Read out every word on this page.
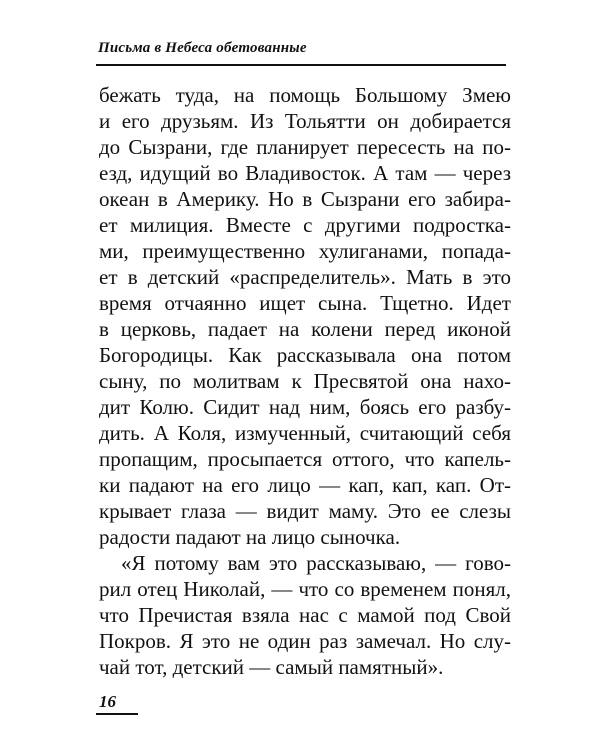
Письма в Небеса обетованные
бежать туда, на помощь Большому Змею
и его друзьям. Из Тольятти он добирается
до Сызрани, где планирует пересесть на по-
езд, идущий во Владивосток. А там — через
океан в Америку. Но в Сызрани его забира-
ет милиция. Вместе с другими подростка-
ми, преимущественно хулиганами, попада-
ет в детский «распределитель». Мать в это
время отчаянно ищет сына. Тщетно. Идет
в церковь, падает на колени перед иконой
Богородицы. Как рассказывала она потом
сыну, по молитвам к Пресвятой она нахо-
дит Колю. Сидит над ним, боясь его разбу-
дить. А Коля, измученный, считающий себя
пропащим, просыпается оттого, что капель-
ки падают на его лицо — кап, кап, кап. От-
крывает глаза — видит маму. Это ее слезы
радости падают на лицо сыночка.
«Я потому вам это рассказываю, — гово-
рил отец Николай, — что со временем понял,
что Пречистая взяла нас с мамой под Свой
Покров. Я это не один раз замечал. Но слу-
чай тот, детский — самый памятный».
16
